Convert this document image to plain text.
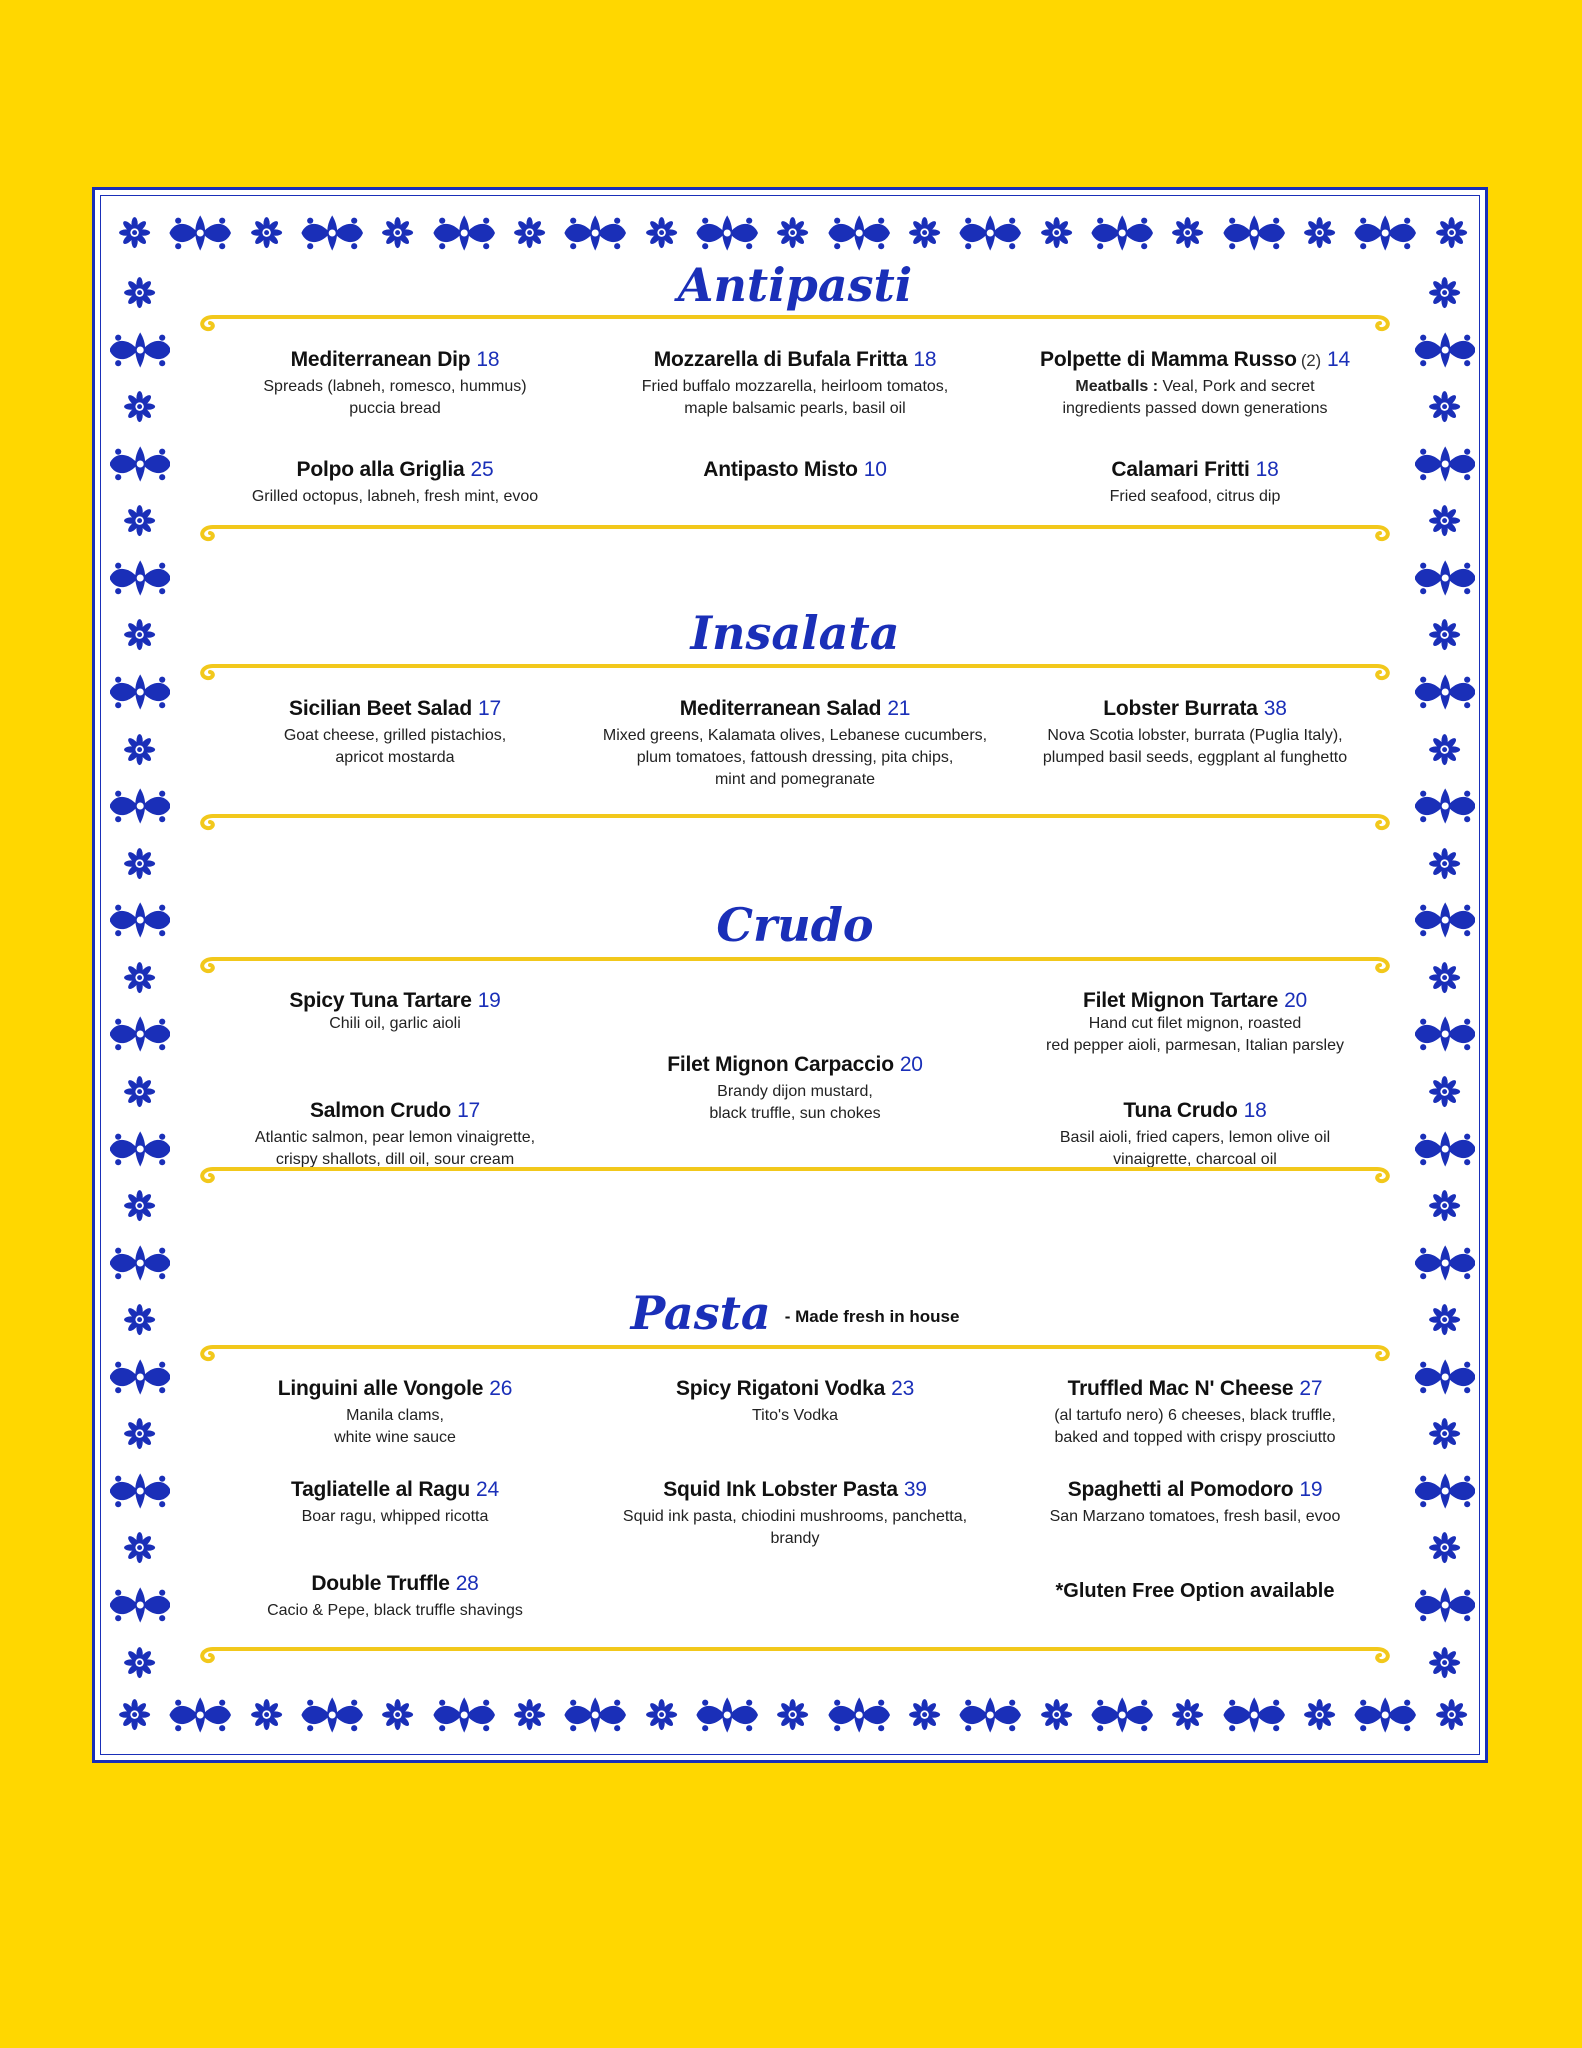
Antipasti
Mediterranean Dip 18
Spreads (labneh, romesco, hummus)
puccia bread
Mozzarella di Bufala Fritta 18
Fried buffalo mozzarella, heirloom tomatos,
maple balsamic pearls, basil oil
Polpette di Mamma Russo (2) 14
Meatballs : Veal, Pork and secret
ingredients passed down generations
Polpo alla Griglia 25
Grilled octopus, labneh, fresh mint, evoo
Antipasto Misto 10	Calamari Fritti 18
Fried seafood, citrus dip
Insalata
Sicilian Beet Salad 17
Goat cheese, grilled pistachios,
apricot mostarda
Mediterranean Salad 21
Mixed greens, Kalamata olives, Lebanese cucumbers,
plum tomatoes, fattoush dressing, pita chips,
mint and pomegranate
Lobster Burrata 38
Nova Scotia lobster, burrata (Puglia Italy),
plumped basil seeds, eggplant al funghetto
Crudo
Spicy Tuna Tartare 19
Chili oil, garlic aioli
Filet Mignon Tartare 20
Hand cut filet mignon, roasted
red pepper aioli, parmesan, Italian parsley
Filet Mignon Carpaccio 20
Brandy dijon mustard,
black truffle, sun chokes
Salmon Crudo 17
Atlantic salmon, pear lemon vinaigrette,
crispy shallots, dill oil, sour cream
Tuna Crudo 18
Basil aioli, fried capers, lemon olive oil
vinaigrette, charcoal oil
Pasta - Made fresh in house
Linguini alle Vongole 26
Manila clams,
white wine sauce
Spicy Rigatoni Vodka 23
Tito's Vodka
Truffled Mac N' Cheese 27
(al tartufo nero) 6 cheeses, black truffle,
baked and topped with crispy prosciutto
Tagliatelle al Ragu 24
Boar ragu, whipped ricotta
Squid Ink Lobster Pasta 39
Squid ink pasta, chiodini mushrooms, panchetta,
brandy
Spaghetti al Pomodoro 19
San Marzano tomatoes, fresh basil, evoo
Double Truffle 28
Cacio & Pepe, black truffle shavings
*Gluten Free Option available
